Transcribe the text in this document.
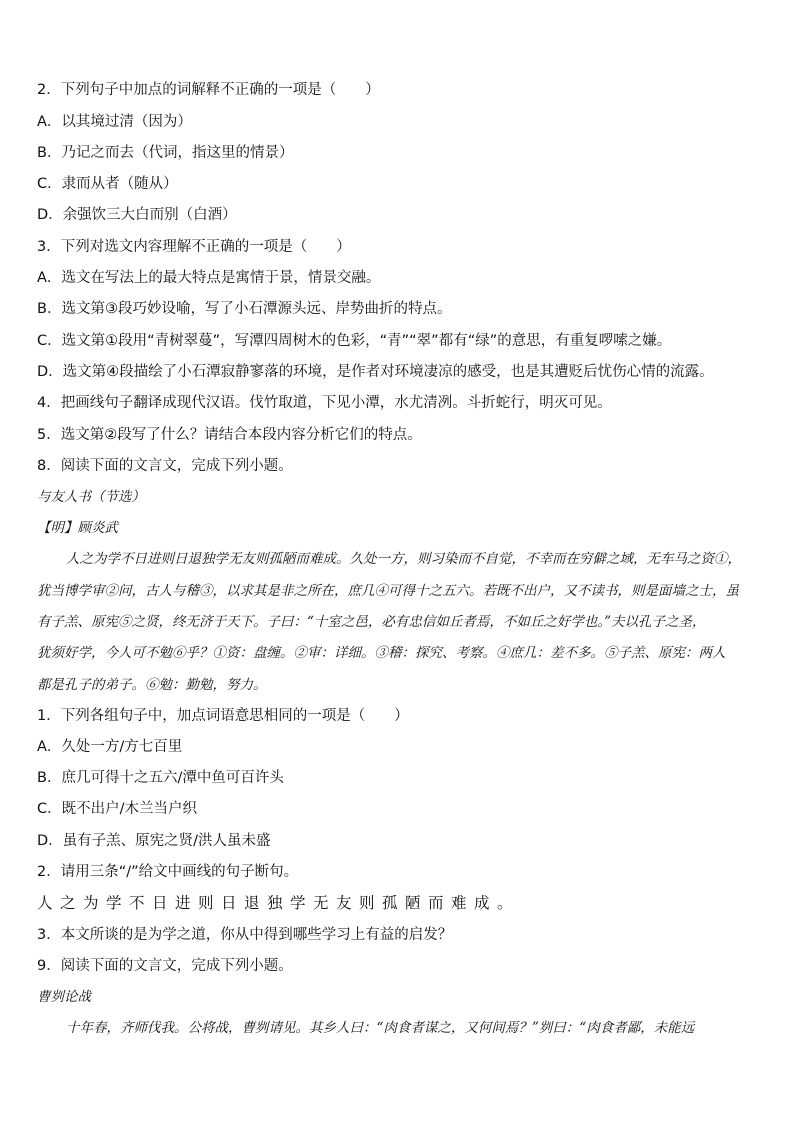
2．下列句子中加点的词解释不正确的一项是（　　）
A．以其境过清（因为）
B．乃记之而去（代词，指这里的情景）
C．隶而从者（随从）
D．余强饮三大白而别（白酒）
3．下列对选文内容理解不正确的一项是（　　）
A．选文在写法上的最大特点是寓情于景，情景交融。
B．选文第③段巧妙设喻，写了小石潭源头远、岸势曲折的特点。
C．选文第①段用“青树翠蔓”，写潭四周树木的色彩，“青”“翠”都有“绿”的意思，有重复啰嗦之嫌。
D．选文第④段描绘了小石潭寂静寥落的环境，是作者对环境凄凉的感受，也是其遭贬后忧伤心情的流露。
4．把画线句子翻译成现代汉语。伐竹取道，下见小潭，水尤清冽。斗折蛇行，明灭可见。
5．选文第②段写了什么？请结合本段内容分析它们的特点。
8．阅读下面的文言文，完成下列小题。
与友人书（节选）
【明】顾炎武
人之为学不日进则日退独学无友则孤陋而难成。久处一方，则习染而不自觉，不幸而在穷僻之域，无车马之资①，
犹当博学审②问，古人与稽③，以求其是非之所在，庶几④可得十之五六。若既不出户，又不读书，则是面墙之士，虽
有子羔、原宪⑤之贤，终无济于天下。子曰：“十室之邑，必有忠信如丘者焉，不如丘之好学也。”夫以孔子之圣，
犹须好学，今人可不勉⑥乎？①资：盘缠。②审：详细。③稽：探究、考察。④庶几：差不多。⑤子羔、原宪：两人
都是孔子的弟子。⑥勉：勤勉，努力。
1．下列各组句子中，加点词语意思相同的一项是（　　）
A．久处一方/方七百里
B．庶几可得十之五六/潭中鱼可百许头
C．既不出户/木兰当户织
D．虽有子羔、原宪之贤/洪人虽未盛
2．请用三条“/”给文中画线的句子断句。
人之为学不日进则日退独学无友则孤陋而难成。
3．本文所谈的是为学之道，你从中得到哪些学习上有益的启发？
9．阅读下面的文言文，完成下列小题。
曹刿论战
十年春，齐师伐我。公将战，曹刿请见。其乡人曰：“肉食者谋之，又何间焉？”刿曰：“肉食者鄙，未能远
